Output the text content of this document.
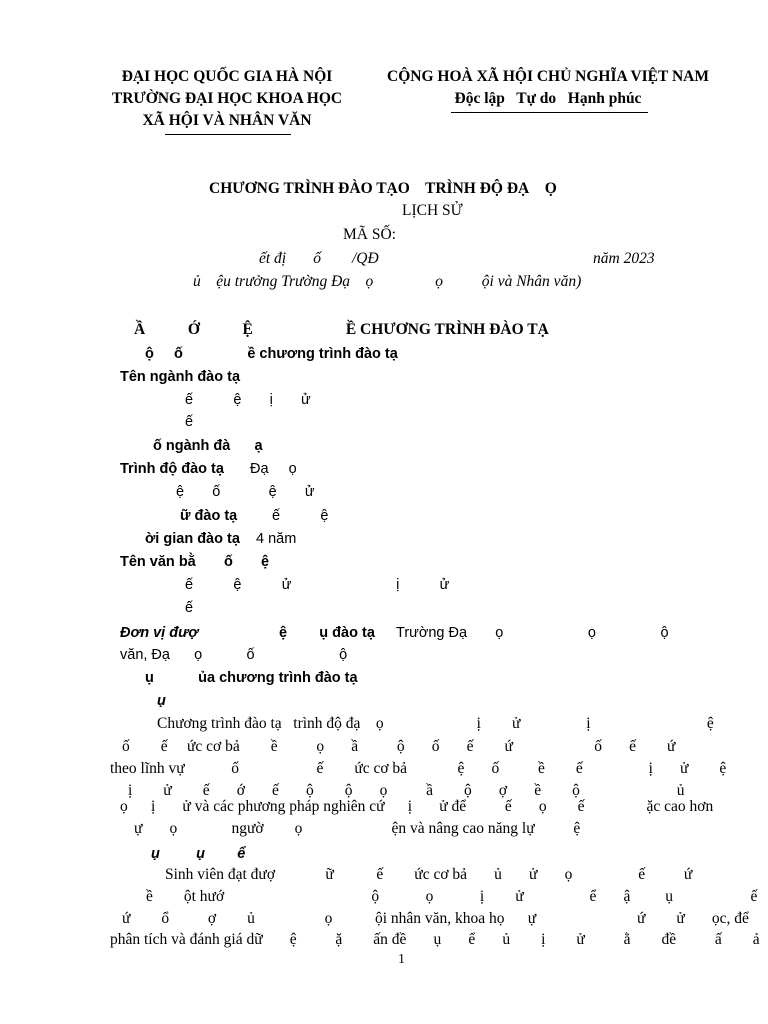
ĐẠI HỌC QUỐC GIA HÀ NỘI
TRƯỜNG ĐẠI HỌC KHOA HỌC
XÃ HỘI VÀ NHÂN VĂN
CỘNG HOÀ XÃ HỘI CHỦ NGHĨA VIỆT NAM
Độc lập   Tự do   Hạnh phúc
CHƯƠNG TRÌNH ĐÀO TẠO    TRÌNH ĐỘ ĐẠ    Ọ
LỊCH SỬ
MÃ SỐ:
ết đị       ố        /QĐ	năm 2023
ủ    ệu trưởng Trường Đạ    ọ                ọ          ội và Nhân văn)
Ầ           Ớ           Ệ                        Ề CHƯƠNG TRÌNH ĐÀO TẠ
ộ     ố                ề chương trình đào tạ
Tên ngành đào tạ
ế          ệ       ị       ử
ế
ố ngành đà      ạ
Trình độ đào tạ Đạ     ọ
ệ       ố            ệ       ử
ữ đào tạ ế          ệ
ời gian đào tạ 4 năm
Tên văn bằ       ố       ệ
ế          ệ          ử                          ị          ử
ế
Đơn vị đượ	ệ        ụ đào tạ Trường Đạ       ọ                     ọ                ộ
văn, Đạ      ọ           ố                     ộ
ụ           ủa chương trình đào tạ
ụ
Chương trình đào tạ   trình độ đạ    ọ                        ị        ử                 ị                              ệ
ố        ế     ức cơ bả        ề          ọ       ầ          ộ       ố       ế        ứ                     ố       ế        ứ
theo lĩnh vự            ố                    ế        ức cơ bả             ệ       ố          ề        ế                 ị       ử        ệ
ị        ử        ế       ớ       ế       ộ        ộ       ọ          ầ        ộ       ợ       ề        ộ                         ủ
ọ      ị       ử và các phương pháp nghiên cứ      ị       ử để          ế       ọ        ế                ặc cao hơn
ự       ọ              ngườ        ọ                       ện và nâng cao năng lự          ệ
ụ         ụ        ể
Sinh viên đạt đượ             ữ           ế        ức cơ bả       ủ       ử       ọ                 ế          ứ
ề        ột hướ                                      ộ            ọ            ị        ử                 ể       ậ         ụ                    ế
ứ        ổ          ợ        ủ                  ọ           ội nhân văn, khoa họ      ự                          ứ        ử       ọc, để
phân tích và đánh giá dữ       ệ          ặ        ấn đề       ụ       ể       ủ        ị        ử          ằ        đề          ấ        ả
1
